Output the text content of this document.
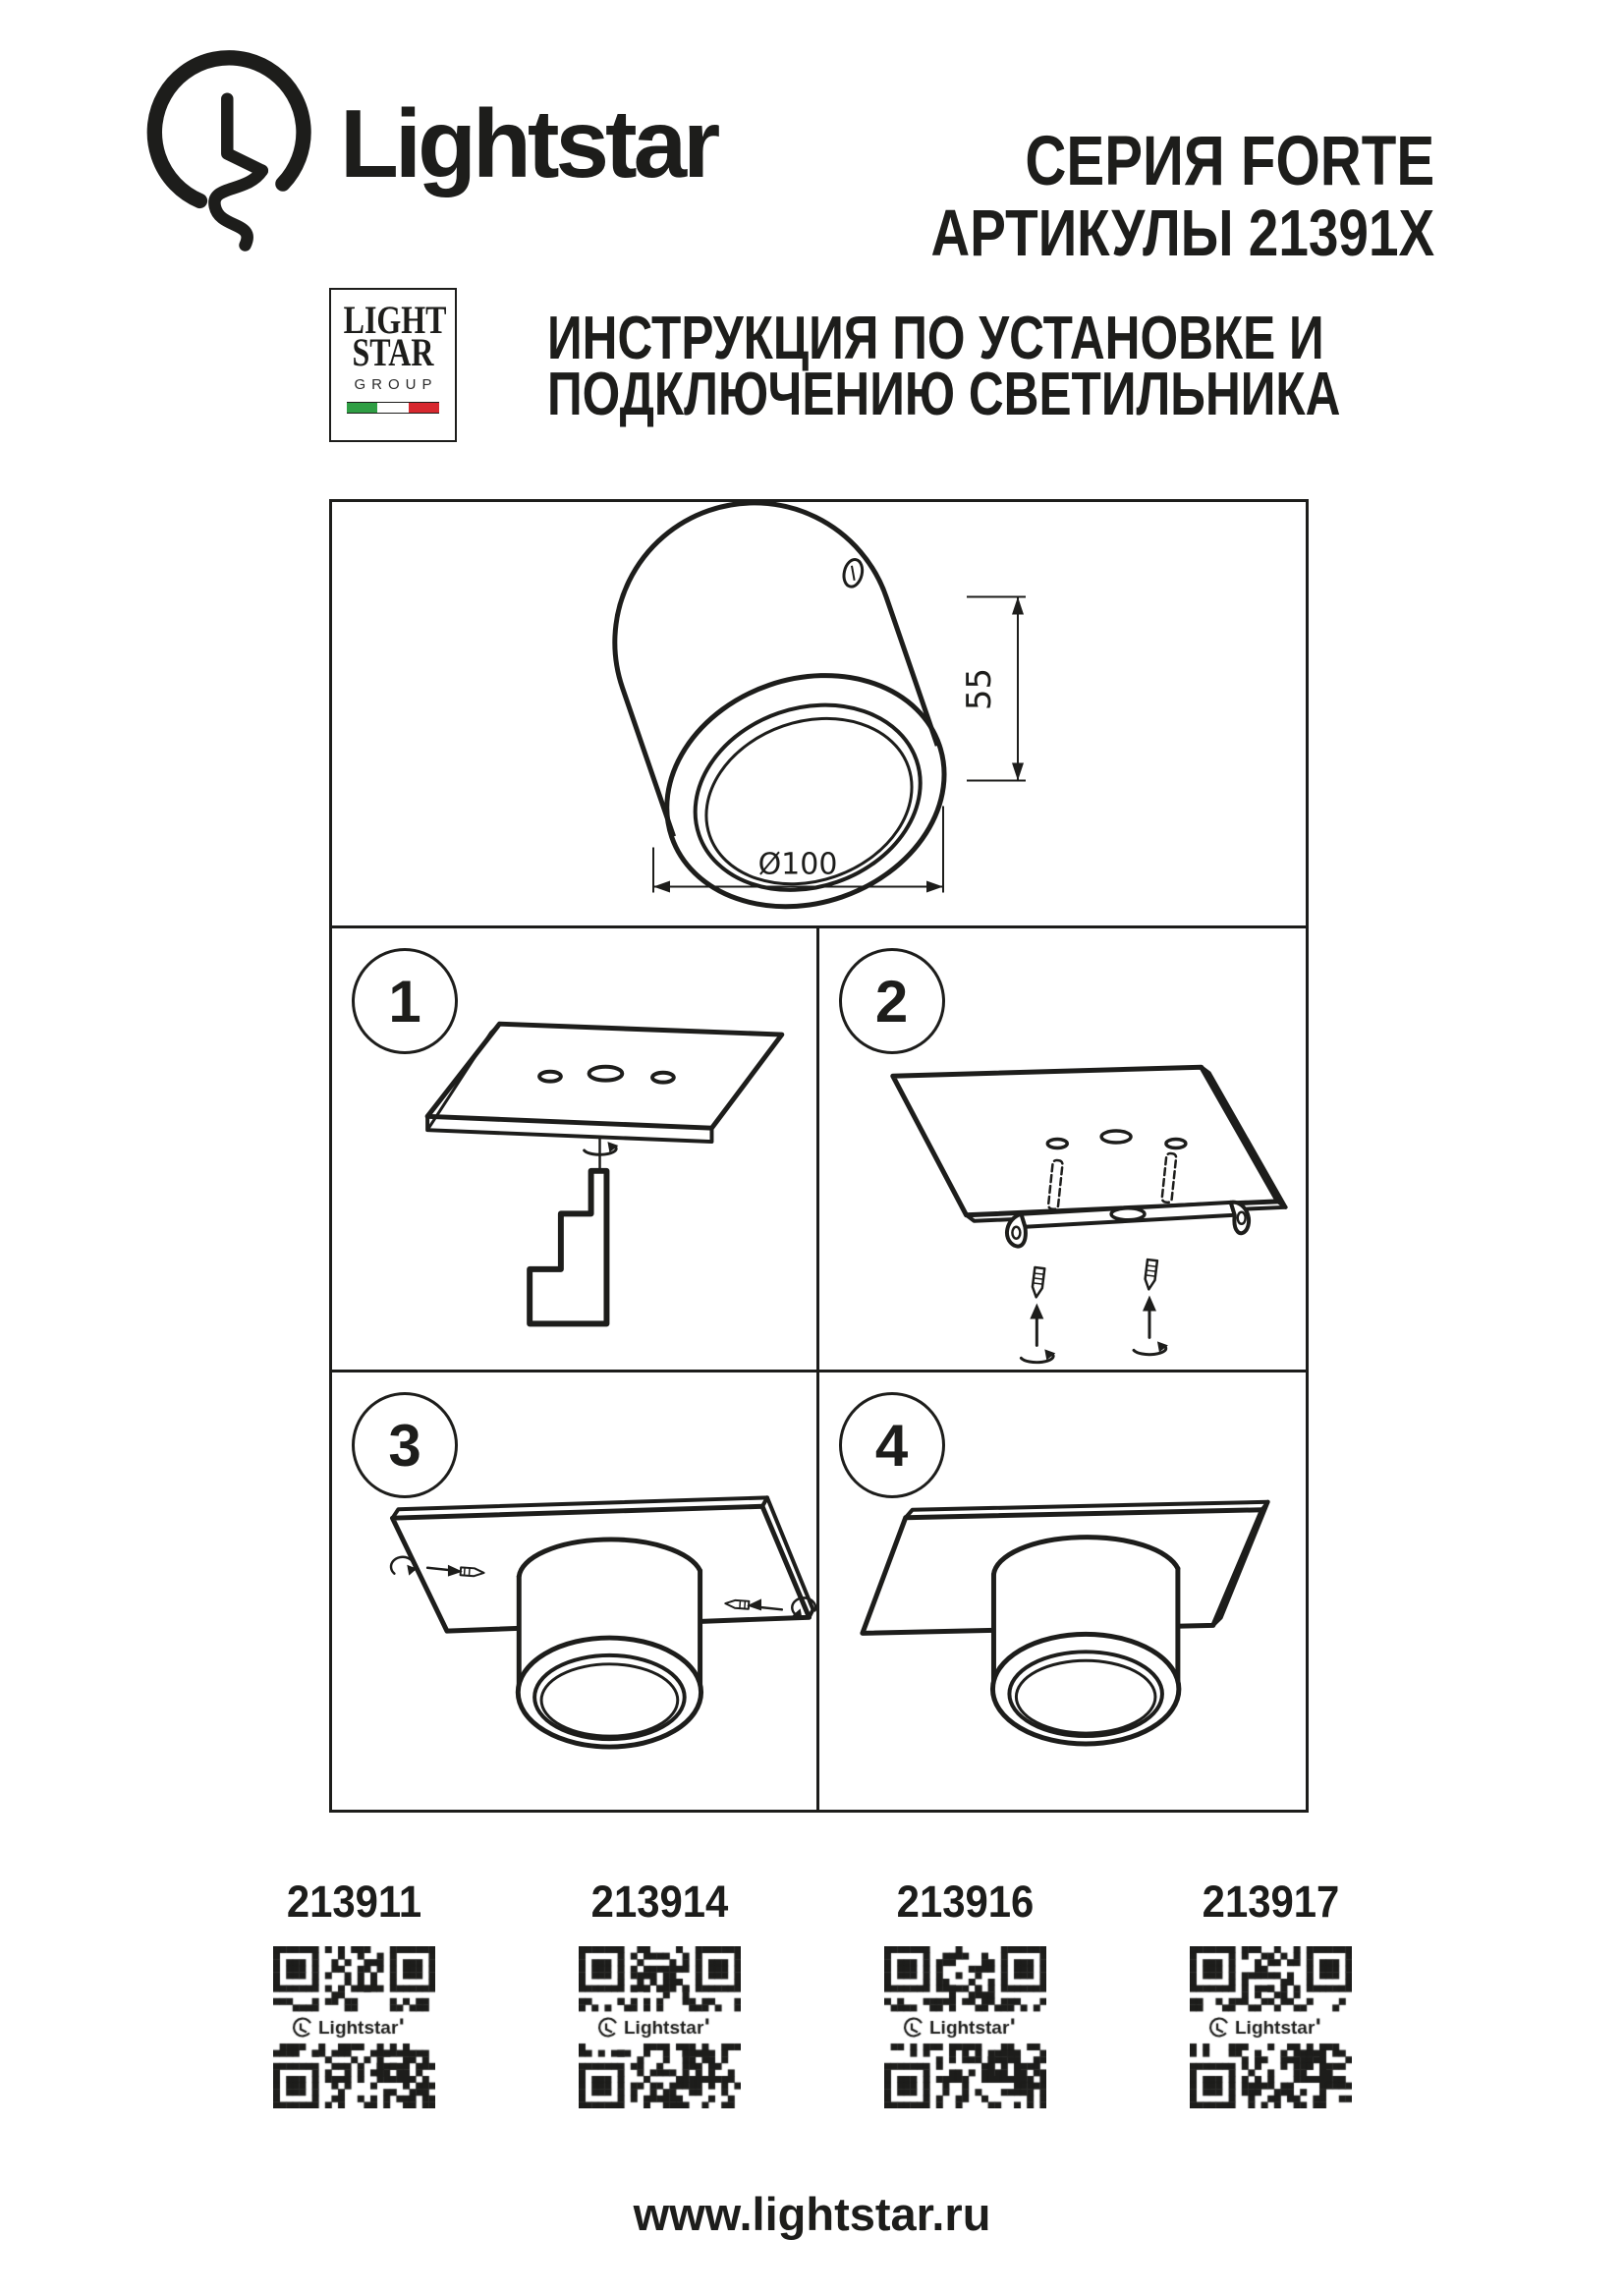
Lightstar	СЕРИЯ FORTE
АРТИКУЛЫ 21391X
LIGHT
STAR
GROUP
ИНСТРУКЦИЯ ПО УСТАНОВКЕ И
ПОДКЛЮЧЕНИЮ СВЕТИЛЬНИКА
55
Ø100
1	2
3	4
213911	213914	213916	213917
www.lightstar.ru
